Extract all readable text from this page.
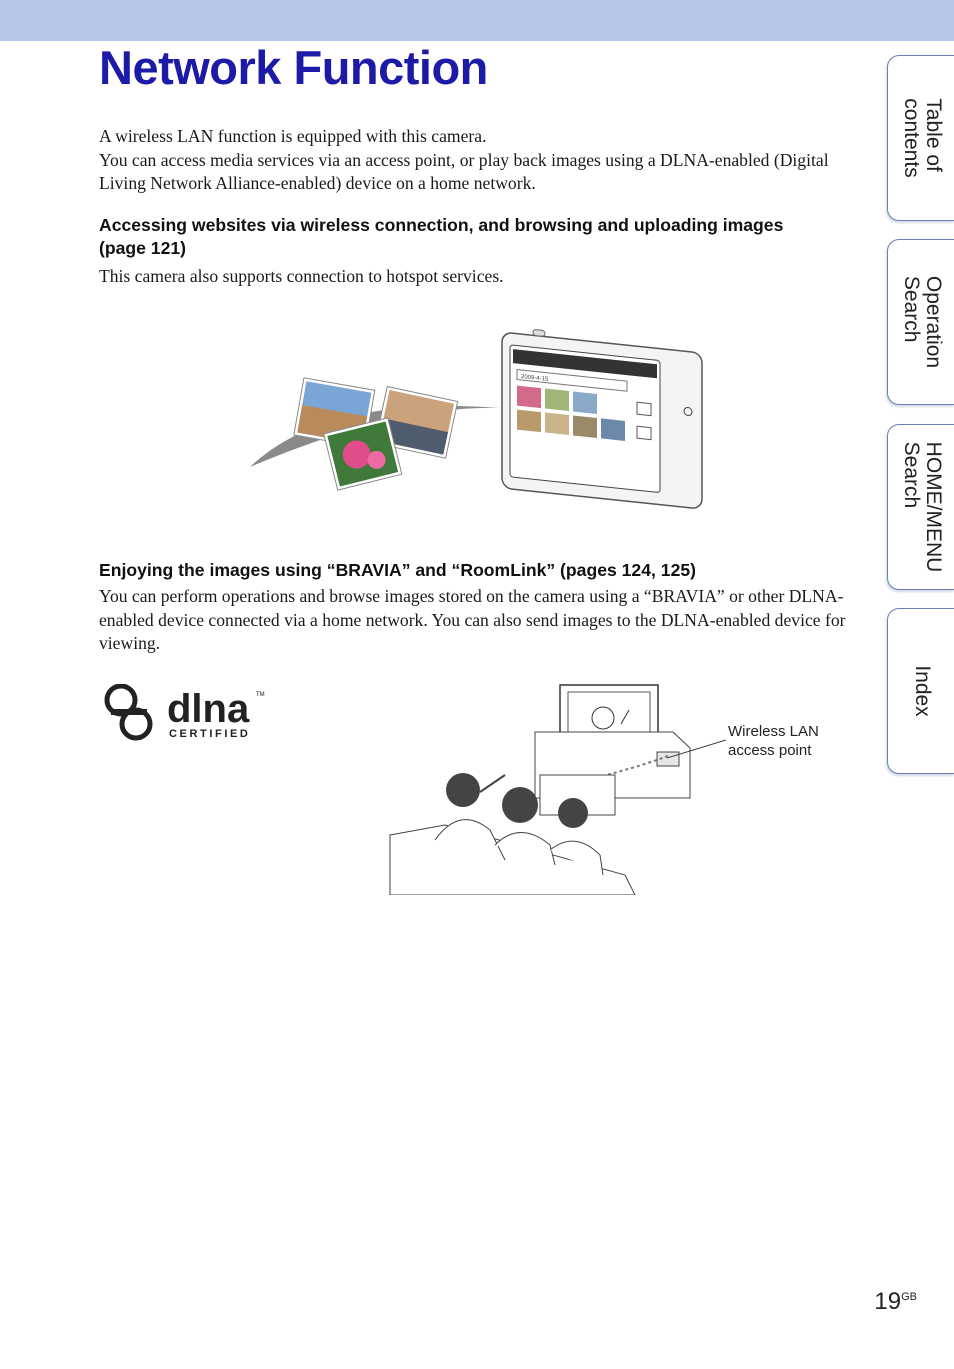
Network Function

A wireless LAN function is equipped with this camera.
You can access media services via an access point, or play back images using a DLNA-enabled (Digital Living Network Alliance-enabled) device on a home network.

Accessing websites via wireless connection, and browsing and uploading images (page 121)

This camera also supports connection to hotspot services.

2009-4-15
Enjoying the images using “BRAVIA” and “RoomLink” (pages 124, 125)

You can perform operations and browse images stored on the camera using a “BRAVIA” or other DLNA-enabled device connected via a home network. You can also send images to the DLNA-enabled device for viewing.

dlna TM
CERTIFIED	Wireless LAN
access point
Table of
contents
Operation
Search
HOME/MENU
Search
Index
$19^{GB}$
